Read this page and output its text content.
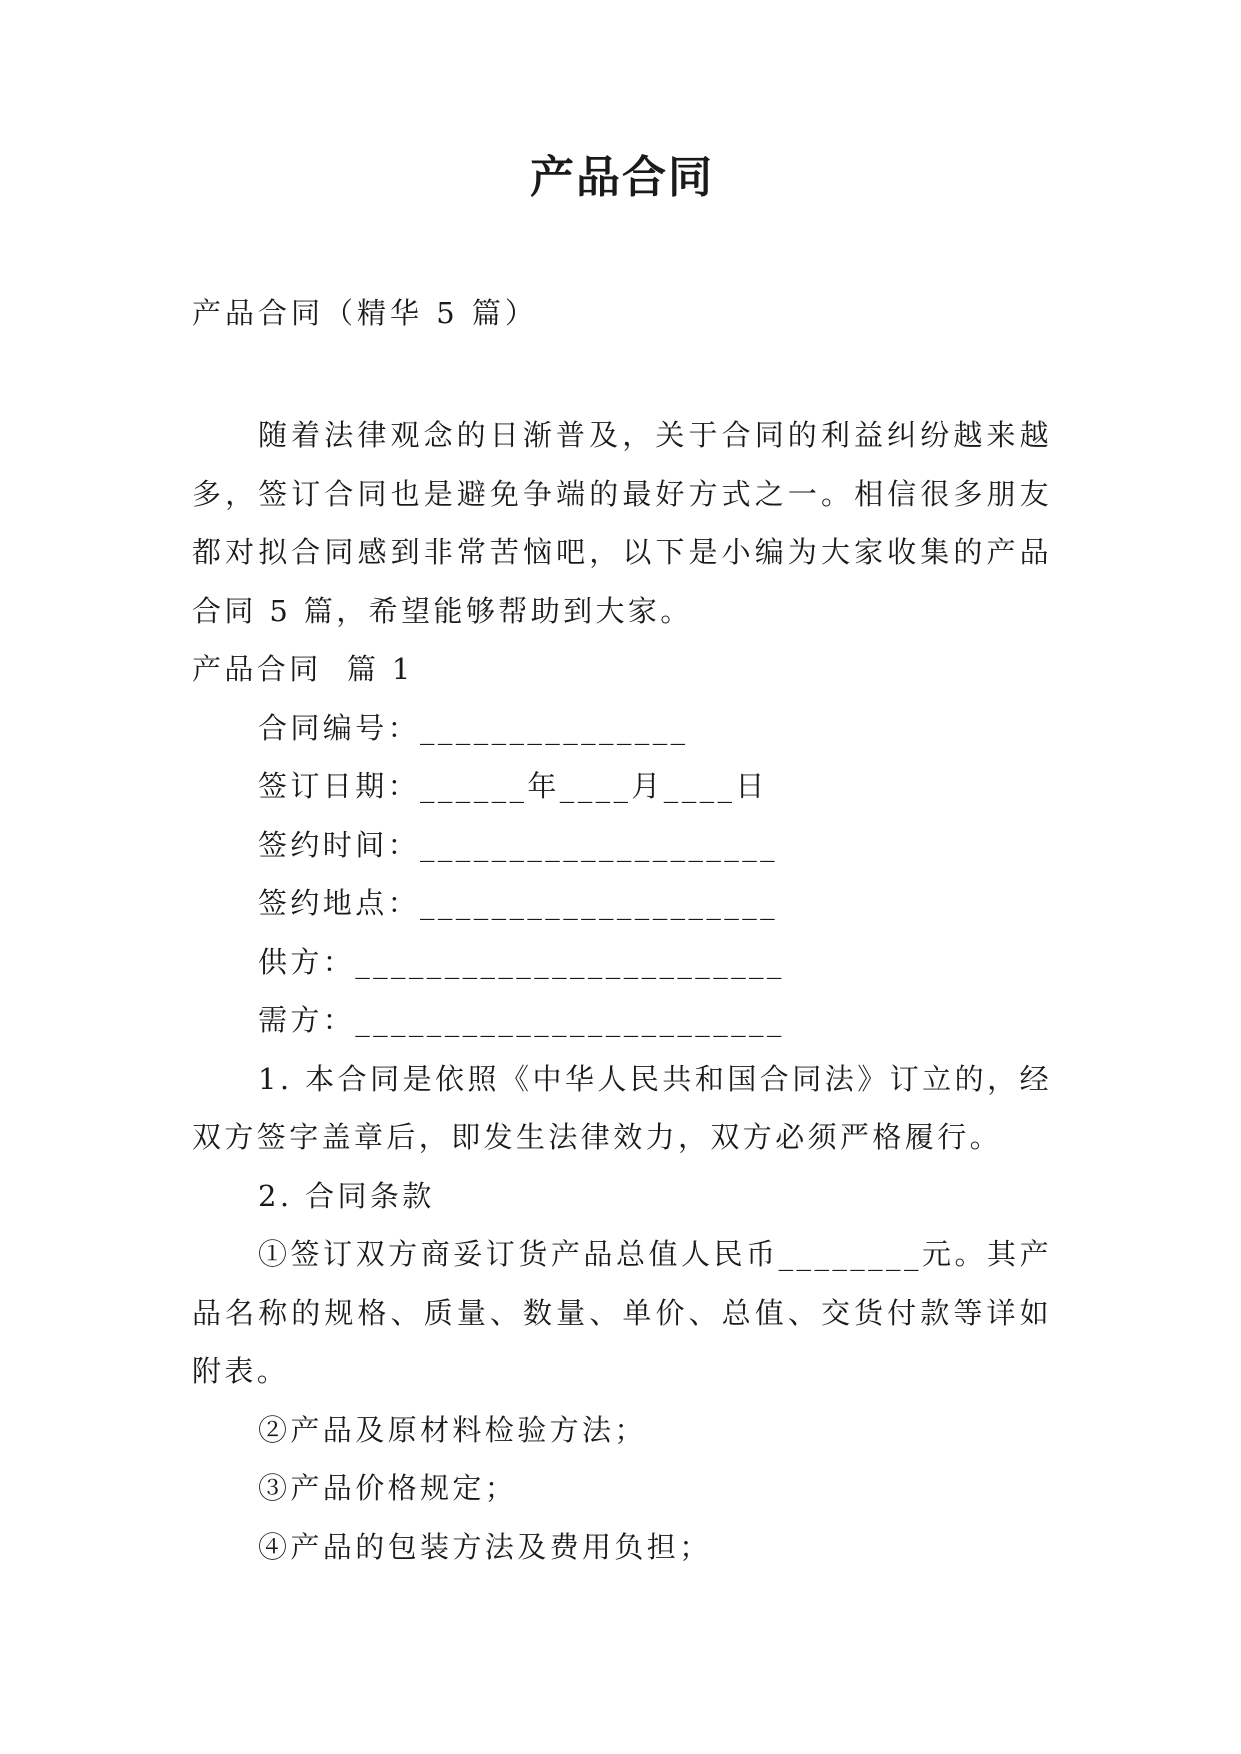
产品合同
产品合同（精华 5 篇）

随着法律观念的日渐普及，关于合同的利益纠纷越来越多，签订合同也是避免争端的最好方式之一。相信很多朋友都对拟合同感到非常苦恼吧，以下是小编为大家收集的产品合同 5 篇，希望能够帮助到大家。

产品合同  篇 1

合同编号：_______________

签订日期：______年____月____日

签约时间：____________________

签约地点：____________________

供方：________________________

需方：________________________

1. 本合同是依照《中华人民共和国合同法》订立的，经双方签字盖章后，即发生法律效力，双方必须严格履行。

2. 合同条款

①签订双方商妥订货产品总值人民币________元。其产品名称的规格、质量、数量、单价、总值、交货付款等详如附表。

②产品及原材料检验方法；

③产品价格规定；

④产品的包装方法及费用负担；
